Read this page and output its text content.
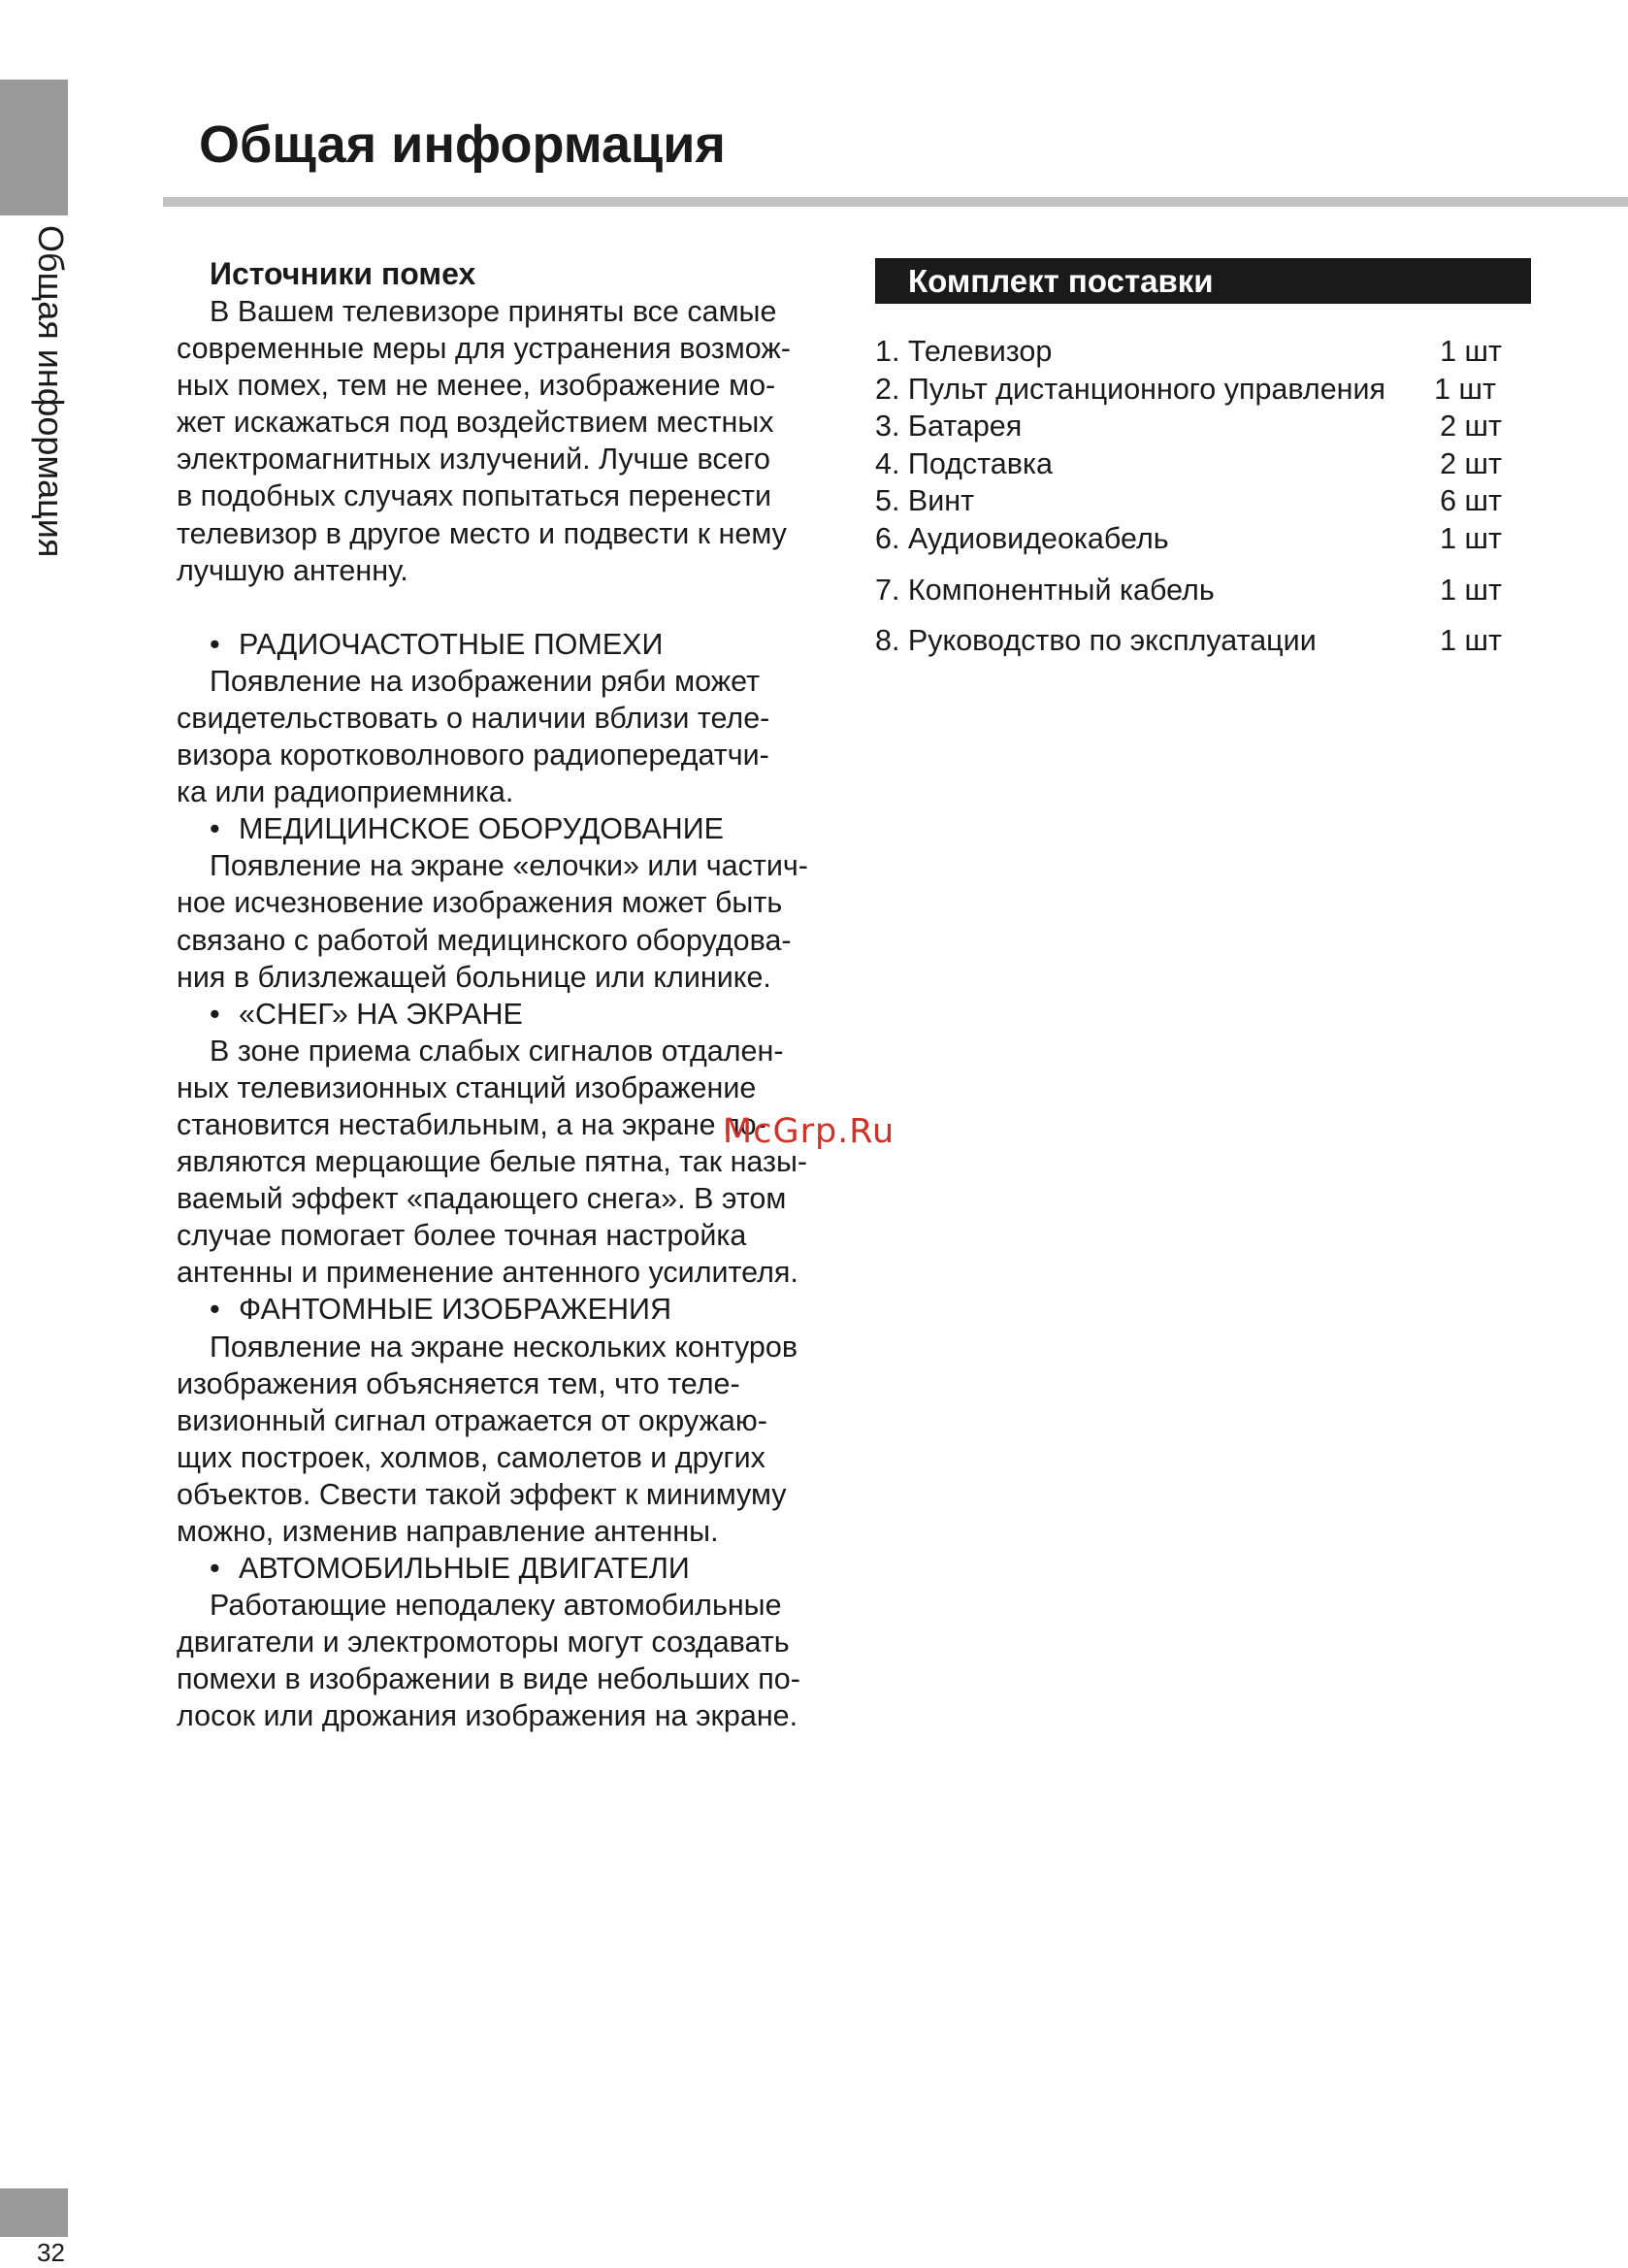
Общая информация
Общая информация
Источники помех

В Вашем телевизоре приняты все самые

современные меры для устранения возмож-
ных помех, тем не менее, изображение мо-
жет искажаться под воздействием местных
электромагнитных излучений. Лучше всего
в подобных случаях попытаться перенести
телевизор в другое место и подвести к нему
лучшую антенну.
• РАДИОЧАСТОТНЫЕ ПОМЕХИ

Появление на изображении ряби может

свидетельствовать о наличии вблизи теле-
визора коротковолнового радиопередатчи-
ка или радиоприемника.
• МЕДИЦИНСКОЕ ОБОРУДОВАНИЕ

Появление на экране «елочки» или частич-

ное исчезновение изображения может быть
связано с работой медицинского оборудова-
ния в близлежащей больнице или клинике.
• «СНЕГ» НА ЭКРАНЕ

В зоне приема слабых сигналов отдален-

ных телевизионных станций изображение
становится нестабильным, а на экране по-
являются мерцающие белые пятна, так назы-
ваемый эффект «падающего снега». В этом
случае помогает более точная настройка
антенны и применение антенного усилителя.
• ФАНТОМНЫЕ ИЗОБРАЖЕНИЯ

Появление на экране нескольких контуров

изображения объясняется тем, что теле-
визионный сигнал отражается от окружаю-
щих построек, холмов, самолетов и других
объектов. Свести такой эффект к минимуму
можно, изменив направление антенны.
• АВТОМОБИЛЬНЫЕ ДВИГАТЕЛИ

Работающие неподалеку автомобильные

двигатели и электромоторы могут создавать
помехи в изображении в виде небольших по-
лосок или дрожания изображения на экране.
Комплект поставки
1. Телевизор	1 шт
2. Пульт дистанционного управления 1 шт
3. Батарея	2 шт
4. Подставка	2 шт
5. Винт	6 шт
6. Аудиовидеокабель	1 шт
7. Компонентный кабель	1 шт
8. Руководство по эксплуатации	1 шт
McGrp.Ru
32
